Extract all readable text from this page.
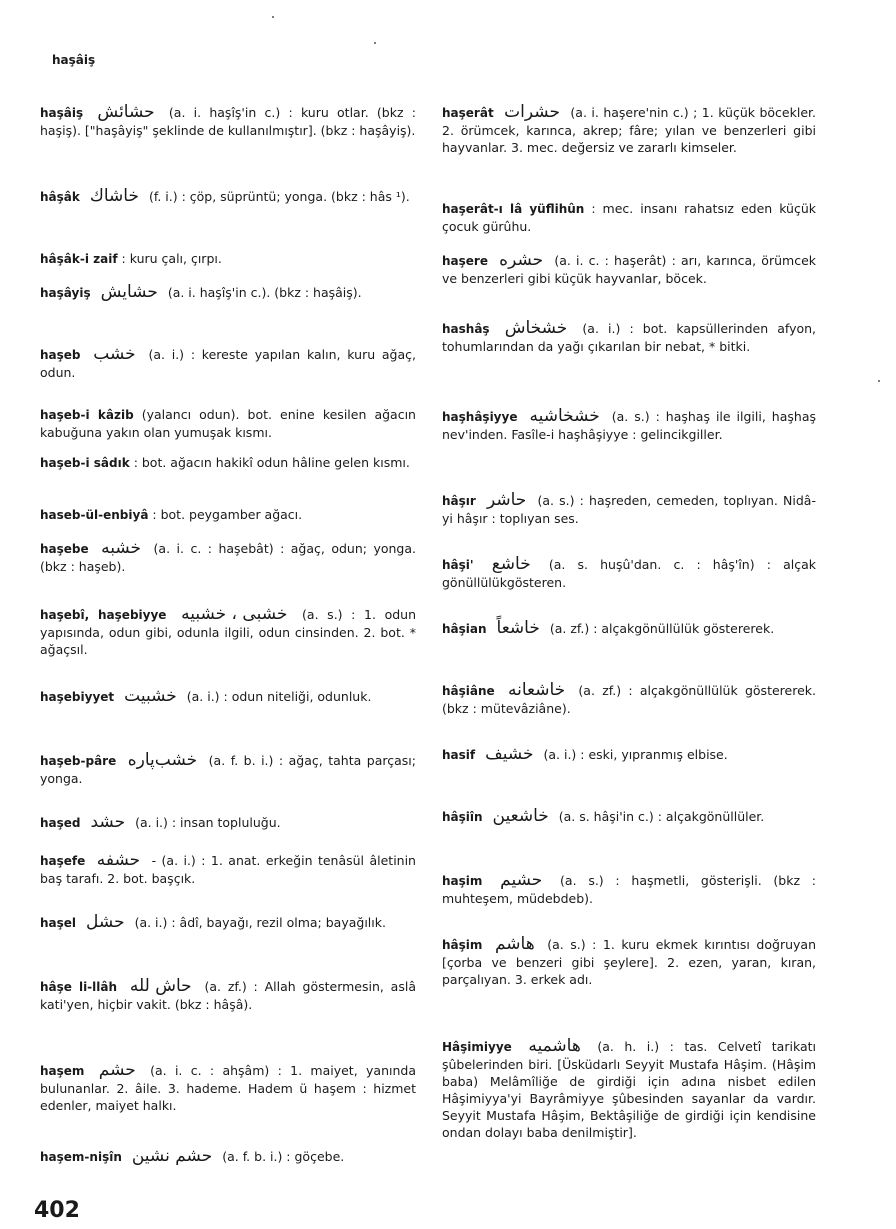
haşâiş

haşâiş حشائش (a. i. haşîş'in c.) : kuru otlar. (bkz : haşiş). ["haşâyiş" şeklinde de kullanılmıştır]. (bkz : haşâyiş).

hâşâk خاشاك (f. i.) : çöp, süprüntü; yonga. (bkz : hâs ¹).

hâşâk-i zaif : kuru çalı, çırpı.

haşâyiş حشايش (a. i. haşîş'in c.). (bkz : haşâiş).

haşeb خشب (a. i.) : kereste yapılan kalın, kuru ağaç, odun.

haşeb-i kâzib (yalancı odun). bot. enine kesilen ağacın kabuğuna yakın olan yumuşak kısmı.

haşeb-i sâdık : bot. ağacın hakikî odun hâline gelen kısmı.

haseb-ül-enbiyâ : bot. peygamber ağacı.

haşebe خشبه (a. i. c. : haşebât) : ağaç, odun; yonga. (bkz : haşeb).

haşebî, haşebiyye خشبی ، خشبیه (a. s.) : 1. odun yapısında, odun gibi, odunla ilgili, odun cinsinden. 2. bot. * ağaçsıl.

haşebiyyet خشبیت (a. i.) : odun niteliği, odunluk.

haşeb-pâre خشب‌پاره (a. f. b. i.) : ağaç, tahta parçası; yonga.

haşed حشد (a. i.) : insan topluluğu.

haşefe حشفه - (a. i.) : 1. anat. erkeğin tenâsül âletinin baş tarafı. 2. bot. başçık.

haşel حشل (a. i.) : âdî, bayağı, rezil olma; bayağılık.

hâşe li-llâh حاش لله (a. zf.) : Allah göstermesin, aslâ kati'yen, hiçbir vakit. (bkz : hâşâ).

haşem حشم (a. i. c. : ahşâm) : 1. maiyet, yanında bulunanlar. 2. âile. 3. hademe. Hadem ü haşem : hizmet edenler, maiyet halkı.

haşem-nişîn حشم نشين (a. f. b. i.) : göçebe.

haşerât حشرات (a. i. haşere'nin c.) ; 1. küçük böcekler. 2. örümcek, karınca, akrep; fâre; yılan ve benzerleri gibi hayvanlar. 3. mec. değersiz ve zararlı kimseler.

haşerât-ı lâ yüflihûn : mec. insanı rahatsız eden küçük çocuk gürûhu.

haşere حشره (a. i. c. : haşerât) : arı, karınca, örümcek ve benzerleri gibi küçük hayvanlar, böcek.

hashâş خشخاش (a. i.) : bot. kapsüllerinden afyon, tohumlarından da yağı çıkarılan bir nebat, * bitki.

haşhâşiyye خشخاشیه (a. s.) : haşhaş ile ilgili, haşhaş nev'inden. Fasîle-i haşhâşiyye : gelincikgiller.

hâşır حاشر (a. s.) : haşreden, cemeden, toplıyan. Nidâ-yi hâşır : toplıyan ses.

hâşi' خاشع (a. s. huşû'dan. c. : hâş'în) : alçak gönüllülükgösteren.

hâşian خاشعاً (a. zf.) : alçakgönüllülük göstererek.

hâşiâne خاشعانه (a. zf.) : alçakgönüllülük göstererek. (bkz : mütevâziâne).

hasif خشيف (a. i.) : eski, yıpranmış elbise.

hâşiîn خاشعين (a. s. hâşi'in c.) : alçakgönüllüler.

haşim حشيم (a. s.) : haşmetli, gösterişli. (bkz : muhteşem, müdebdeb).

hâşim هاشم (a. s.) : 1. kuru ekmek kırıntısı doğruyan [çorba ve benzeri gibi şeylere]. 2. ezen, yaran, kıran, parçalıyan. 3. erkek adı.

Hâşimiyye هاشميه (a. h. i.) : tas. Celvetî tarikatı şûbelerinden biri. [Üsküdarlı Seyyit Mustafa Hâşim. (Hâşim baba) Melâmîliğe de girdiği için adına nisbet edilen Hâşimiyya'yi Bayrâmiyye şûbesinden sayanlar da vardır. Seyyit Mustafa Hâşim, Bektâşiliğe de girdiği için kendisine ondan dolayı baba denilmiştir].

402
